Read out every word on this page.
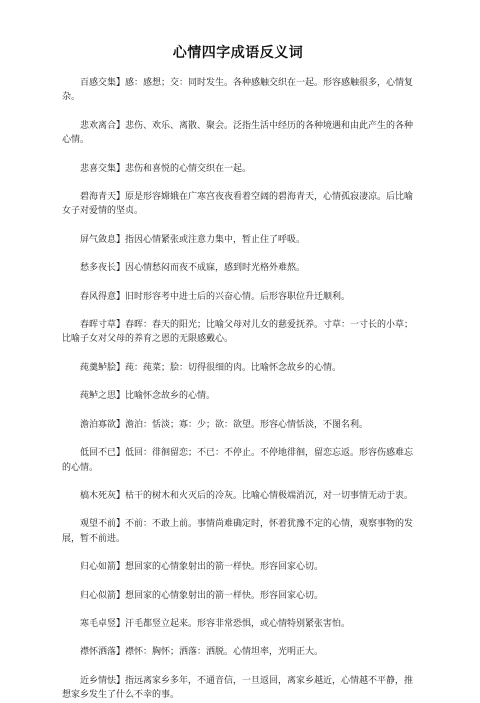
心情四字成语反义词

百感交集】感：感想；交：同时发生。各种感触交织在一起。形容感触很多，心情复杂。

悲欢离合】悲伤、欢乐、离散、聚会。泛指生活中经历的各种境遇和由此产生的各种心情。

悲喜交集】悲伤和喜悦的心情交织在一起。

碧海青天】原是形容嫦娥在广寒宫夜夜看着空阔的碧海青天，心情孤寂凄凉。后比喻女子对爱情的坚贞。

屏气敛息】指因心情紧张或注意力集中，暂止住了呼吸。

愁多夜长】因心情愁闷而夜不成寐，感到时光格外难熬。

春风得意】旧时形容考中进士后的兴奋心情。后形容职位升迁顺利。

春晖寸草】春晖：春天的阳光；比喻父母对儿女的慈爱抚养。寸草：一寸长的小草；比喻子女对父母的养育之恩的无限感戴心。

莼羹鲈脍】莼：莼菜；脍：切得很细的肉。比喻怀念故乡的心情。

莼鲈之思】比喻怀念故乡的心情。

澹泊寡欲】澹泊：恬淡；寡：少；欲：欲望。形容心情恬淡，不图名利。

低回不已】低回：徘徊留恋；不已：不停止。不停地徘徊，留恋忘返。形容伤感难忘的心情。

槁木死灰】枯干的树木和火灭后的冷灰。比喻心情极端消沉，对一切事情无动于衷。

观望不前】不前：不敢上前。事情尚难确定时，怀着犹豫不定的心情，观察事物的发展，暂不前进。

归心如箭】想回家的心情象射出的箭一样快。形容回家心切。

归心似箭】想回家的心情象射出的箭一样快。形容回家心切。

寒毛卓竖】汗毛都竖立起来。形容非常恐惧，或心情特别紧张害怕。

襟怀洒落】襟怀：胸怀；洒落：洒脱。心情坦率，光明正大。

近乡情怯】指远离家乡多年，不通音信，一旦返回，离家乡越近，心情越不平静，推想家乡发生了什么不幸的事。
